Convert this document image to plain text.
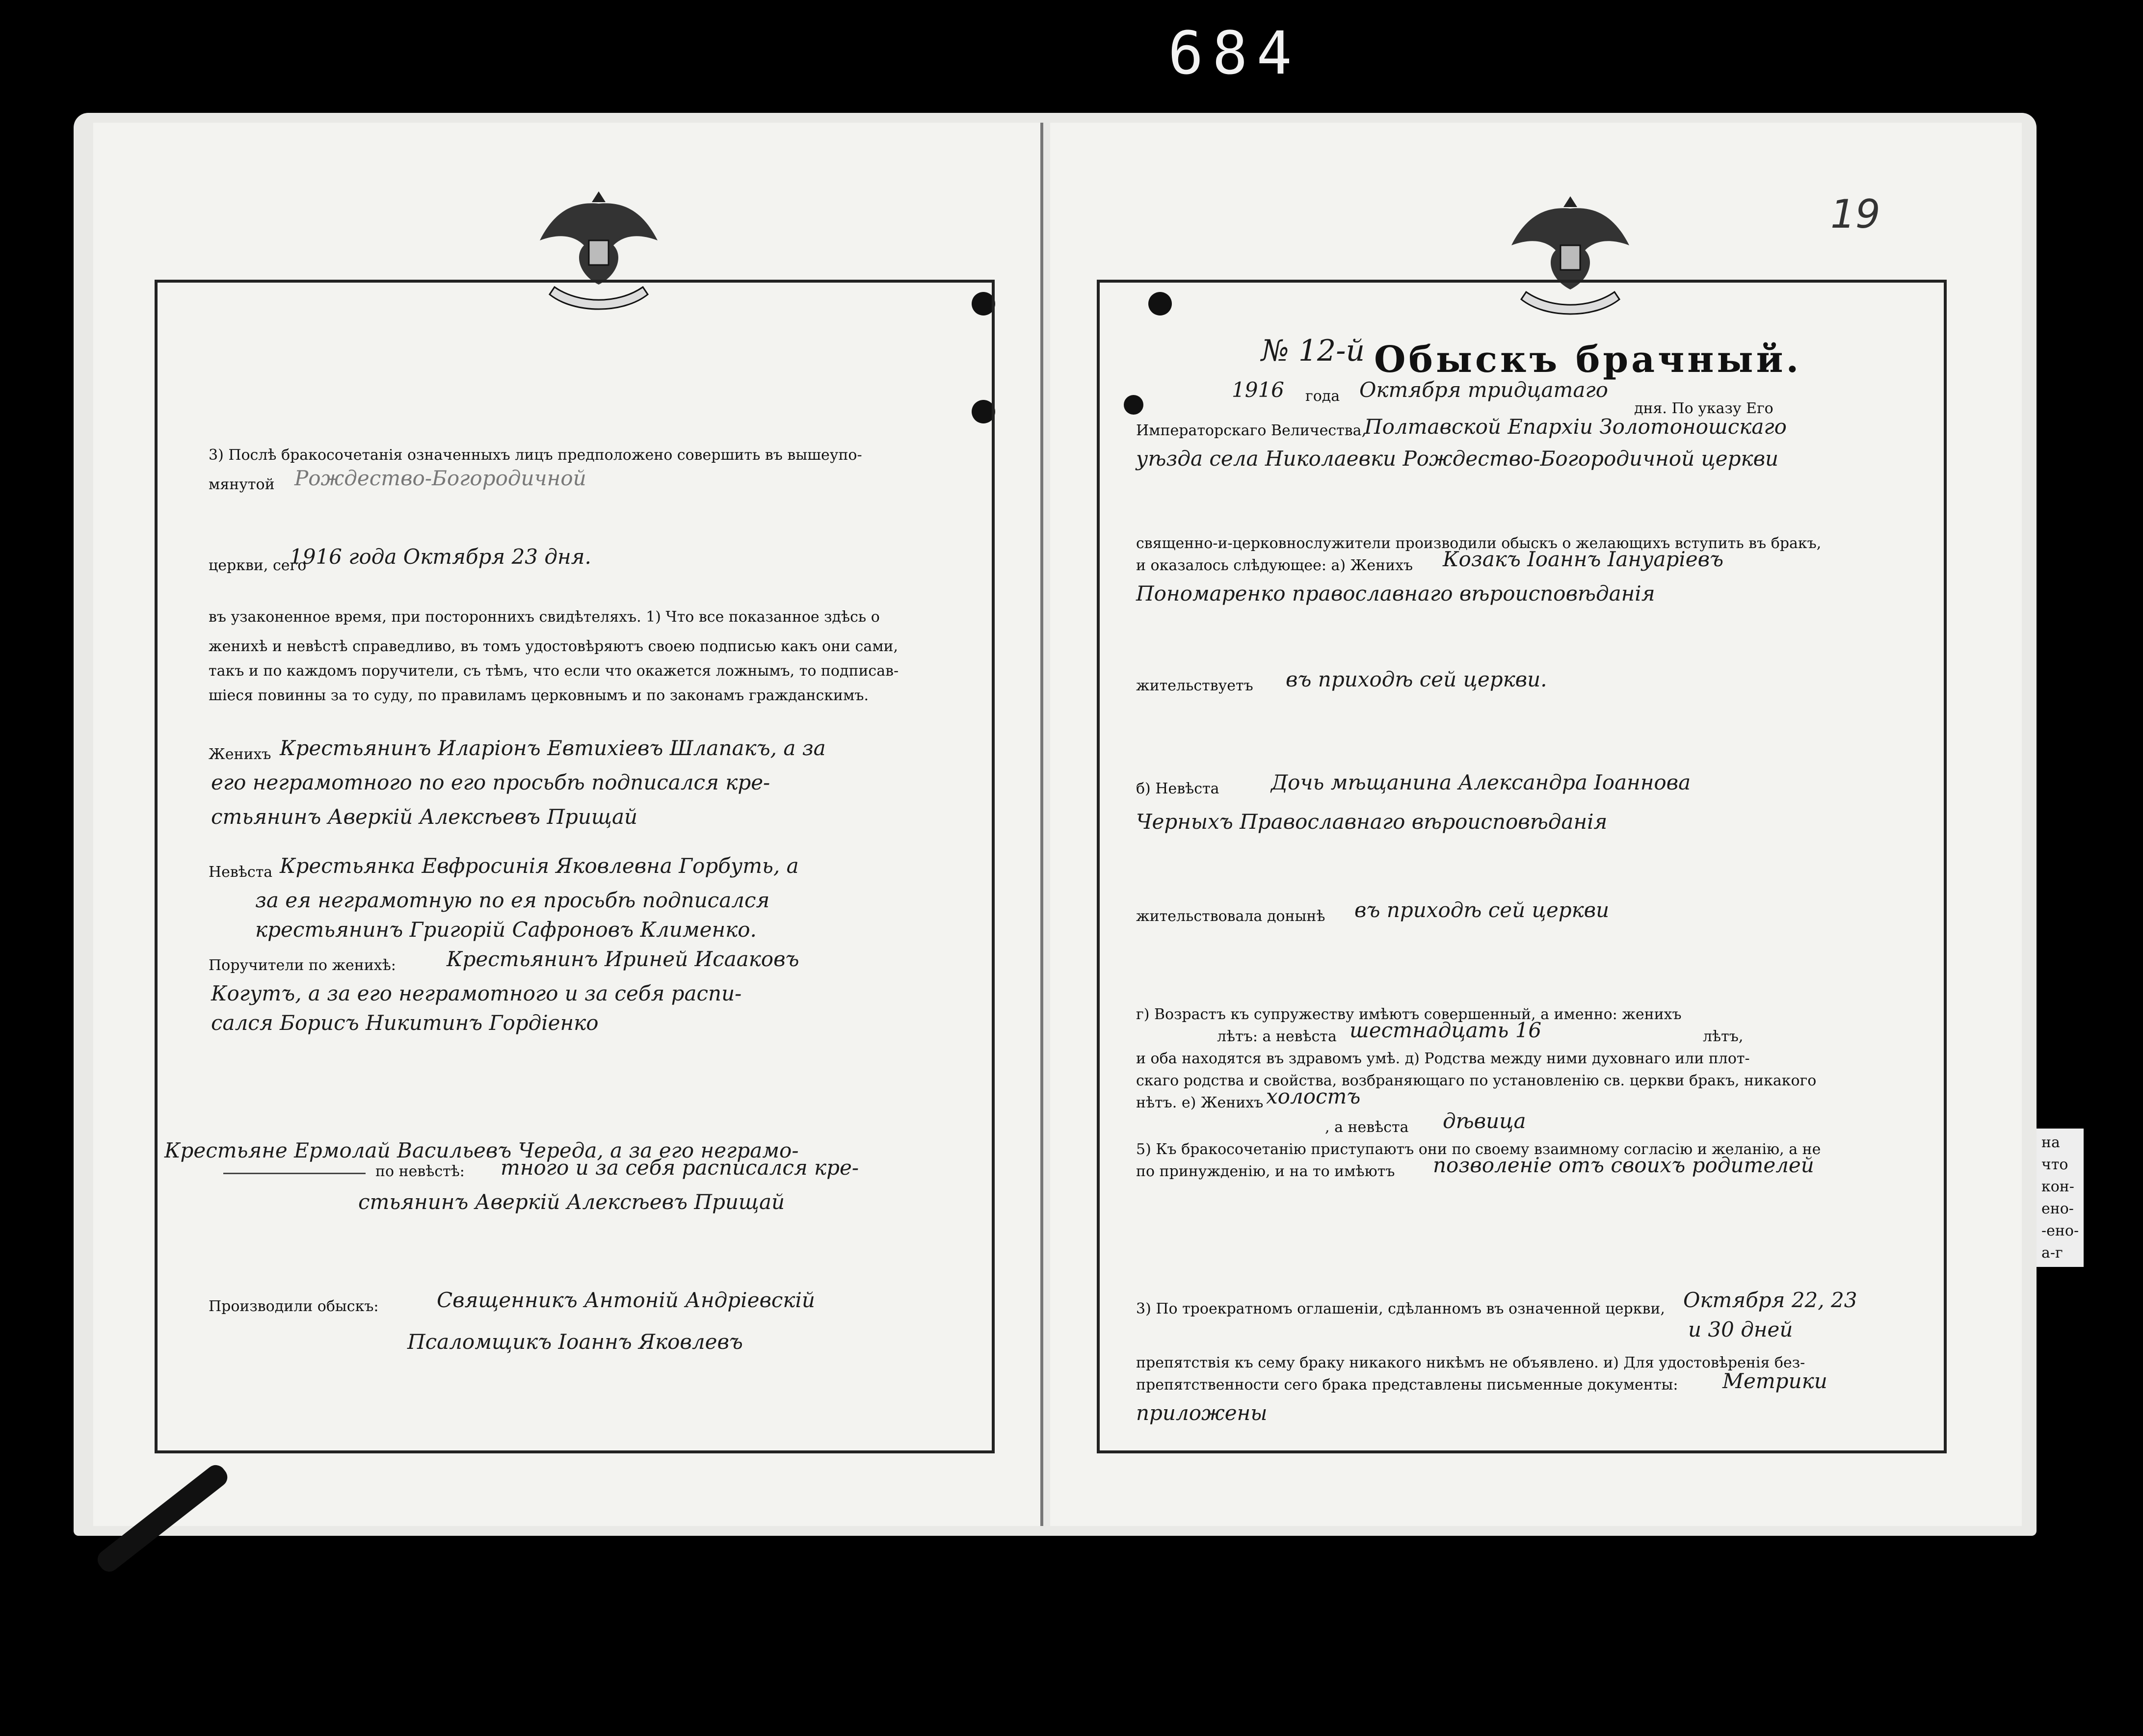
684
3) Послѣ бракосочетанія означенныхъ лицъ предположено совершить въ вышеупо-
мянутой Рождество-Богородичной
церкви, сего
1916 года Октября 23 дня.
въ узаконенное время, при постороннихъ свидѣтеляхъ. 1) Что все показанное здѣсь о
женихѣ и невѣстѣ справедливо, въ томъ удостовѣряютъ своею подписью какъ они сами,
такъ и по каждомъ поручители, съ тѣмъ, что если что окажется ложнымъ, то подписав-
шіеся повинны за то суду, по правиламъ церковнымъ и по законамъ гражданскимъ.
Женихъ Крестьянинъ Иларіонъ Евтихіевъ Шлапакъ, а за
его неграмотного по его просьбѣ подписался кре-
стьянинъ Аверкій Алексѣевъ Прищай
Невѣста Крестьянка Евфросинія Яковлевна Горбуть, а
за ея неграмотную по ея просьбѣ подписался
крестьянинъ Григорій Сафроновъ Клименко.
Поручители по женихѣ: Крестьянинъ Ириней Исааковъ
Когутъ, а за его неграмотного и за себя распи-
сался Борисъ Никитинъ Гордіенко
Крестьяне Ермолай Васильевъ Череда, а за его неграмо-
по невѣстѣ: тного и за себя расписался кре-
стьянинъ Аверкій Алексѣевъ Прищай
Производили обыскъ:	Священникъ Антоній Андріевскій
Псаломщикъ Іоаннъ Яковлевъ
19
№ 12-й Обыскъ брачный.
1916 года Октября тридцатаго
дня. По указу Его
Императорскаго Величества,
Полтавской Епархіи Золотоношскаго
уѣзда села Николаевки Рождество-Богородичной церкви
священно-и-церковнослужители производили обыскъ о желающихъ вступить въ бракъ,
и оказалось слѣдующее: а) Женихъ Козакъ Іоаннъ Іануаріевъ
Пономаренко православнаго вѣроисповѣданія
жительствуетъ въ приходѣ сей церкви.
б) Невѣста	Дочь мѣщанина Александра Іоаннова
Черныхъ Православнаго вѣроисповѣданія
жительствовала донынѣ въ приходѣ сей церкви
г) Возрастъ къ супружеству имѣютъ совершенный, а именно: женихъ
лѣтъ: а невѣста шестнадцать 16	лѣтъ,
и оба находятся въ здравомъ умѣ. д) Родства между ними духовнаго или плот-
скаго родства и свойства, возбраняющаго по установленію св. церкви бракъ, никакого
нѣтъ. е) Женихъ холостъ
, а невѣста дѣвица
5) Къ бракосочетанію приступаютъ они по своему взаимному согласію и желанію, а не
по принужденію, и на то имѣютъ позволеніе отъ своихъ родителей
3) По троекратномъ оглашеніи, сдѣланномъ въ означенной церкви, Октября 22, 23
и 30 дней
препятствія къ сему браку никакого никѣмъ не объявлено. и) Для удостовѣренія без-
препятственности сего брака представлены письменные документы: Метрики
приложены
на
что
кон-
ено-
-ено-
а-г
